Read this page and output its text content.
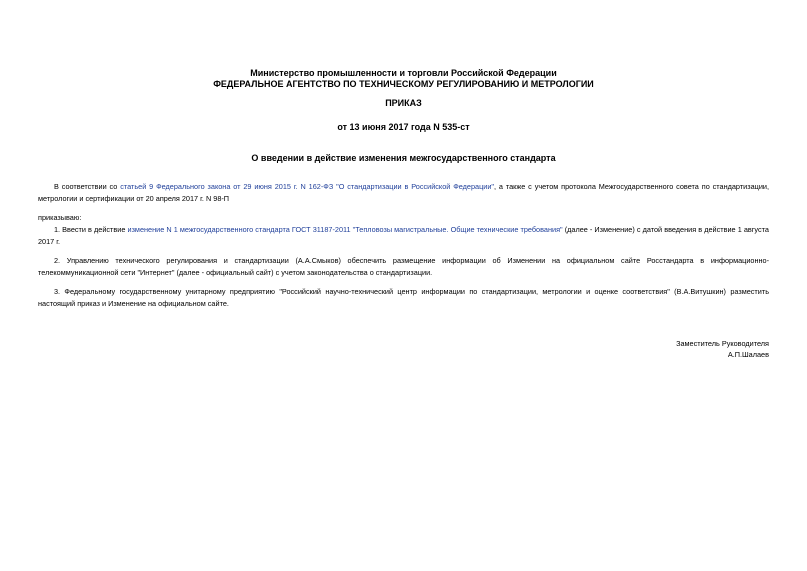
Министерство промышленности и торговли Российской Федерации
ФЕДЕРАЛЬНОЕ АГЕНТСТВО ПО ТЕХНИЧЕСКОМУ РЕГУЛИРОВАНИЮ И МЕТРОЛОГИИ
ПРИКАЗ
от 13 июня 2017 года N 535-ст
О введении в действие изменения межгосударственного стандарта
В соответствии со статьей 9 Федерального закона от 29 июня 2015 г. N 162-ФЗ "О стандартизации в Российской Федерации", а также с учетом протокола Межгосударственного совета по стандартизации, метрологии и сертификации от 20 апреля 2017 г. N 98-П
приказываю:
1. Ввести в действие изменение N 1 межгосударственного стандарта ГОСТ 31187-2011 "Тепловозы магистральные. Общие технические требования" (далее - Изменение) с датой введения в действие 1 августа 2017 г.
2. Управлению технического регулирования и стандартизации (А.А.Смыков) обеспечить размещение информации об Изменении на официальном сайте Росстандарта в информационно-телекоммуникационной сети "Интернет" (далее - официальный сайт) с учетом законодательства о стандартизации.
3. Федеральному государственному унитарному предприятию "Российский научно-технический центр информации по стандартизации, метрологии и оценке соответствия" (В.А.Витушкин) разместить настоящий приказ и Изменение на официальном сайте.
Заместитель Руководителя
А.П.Шалаев
